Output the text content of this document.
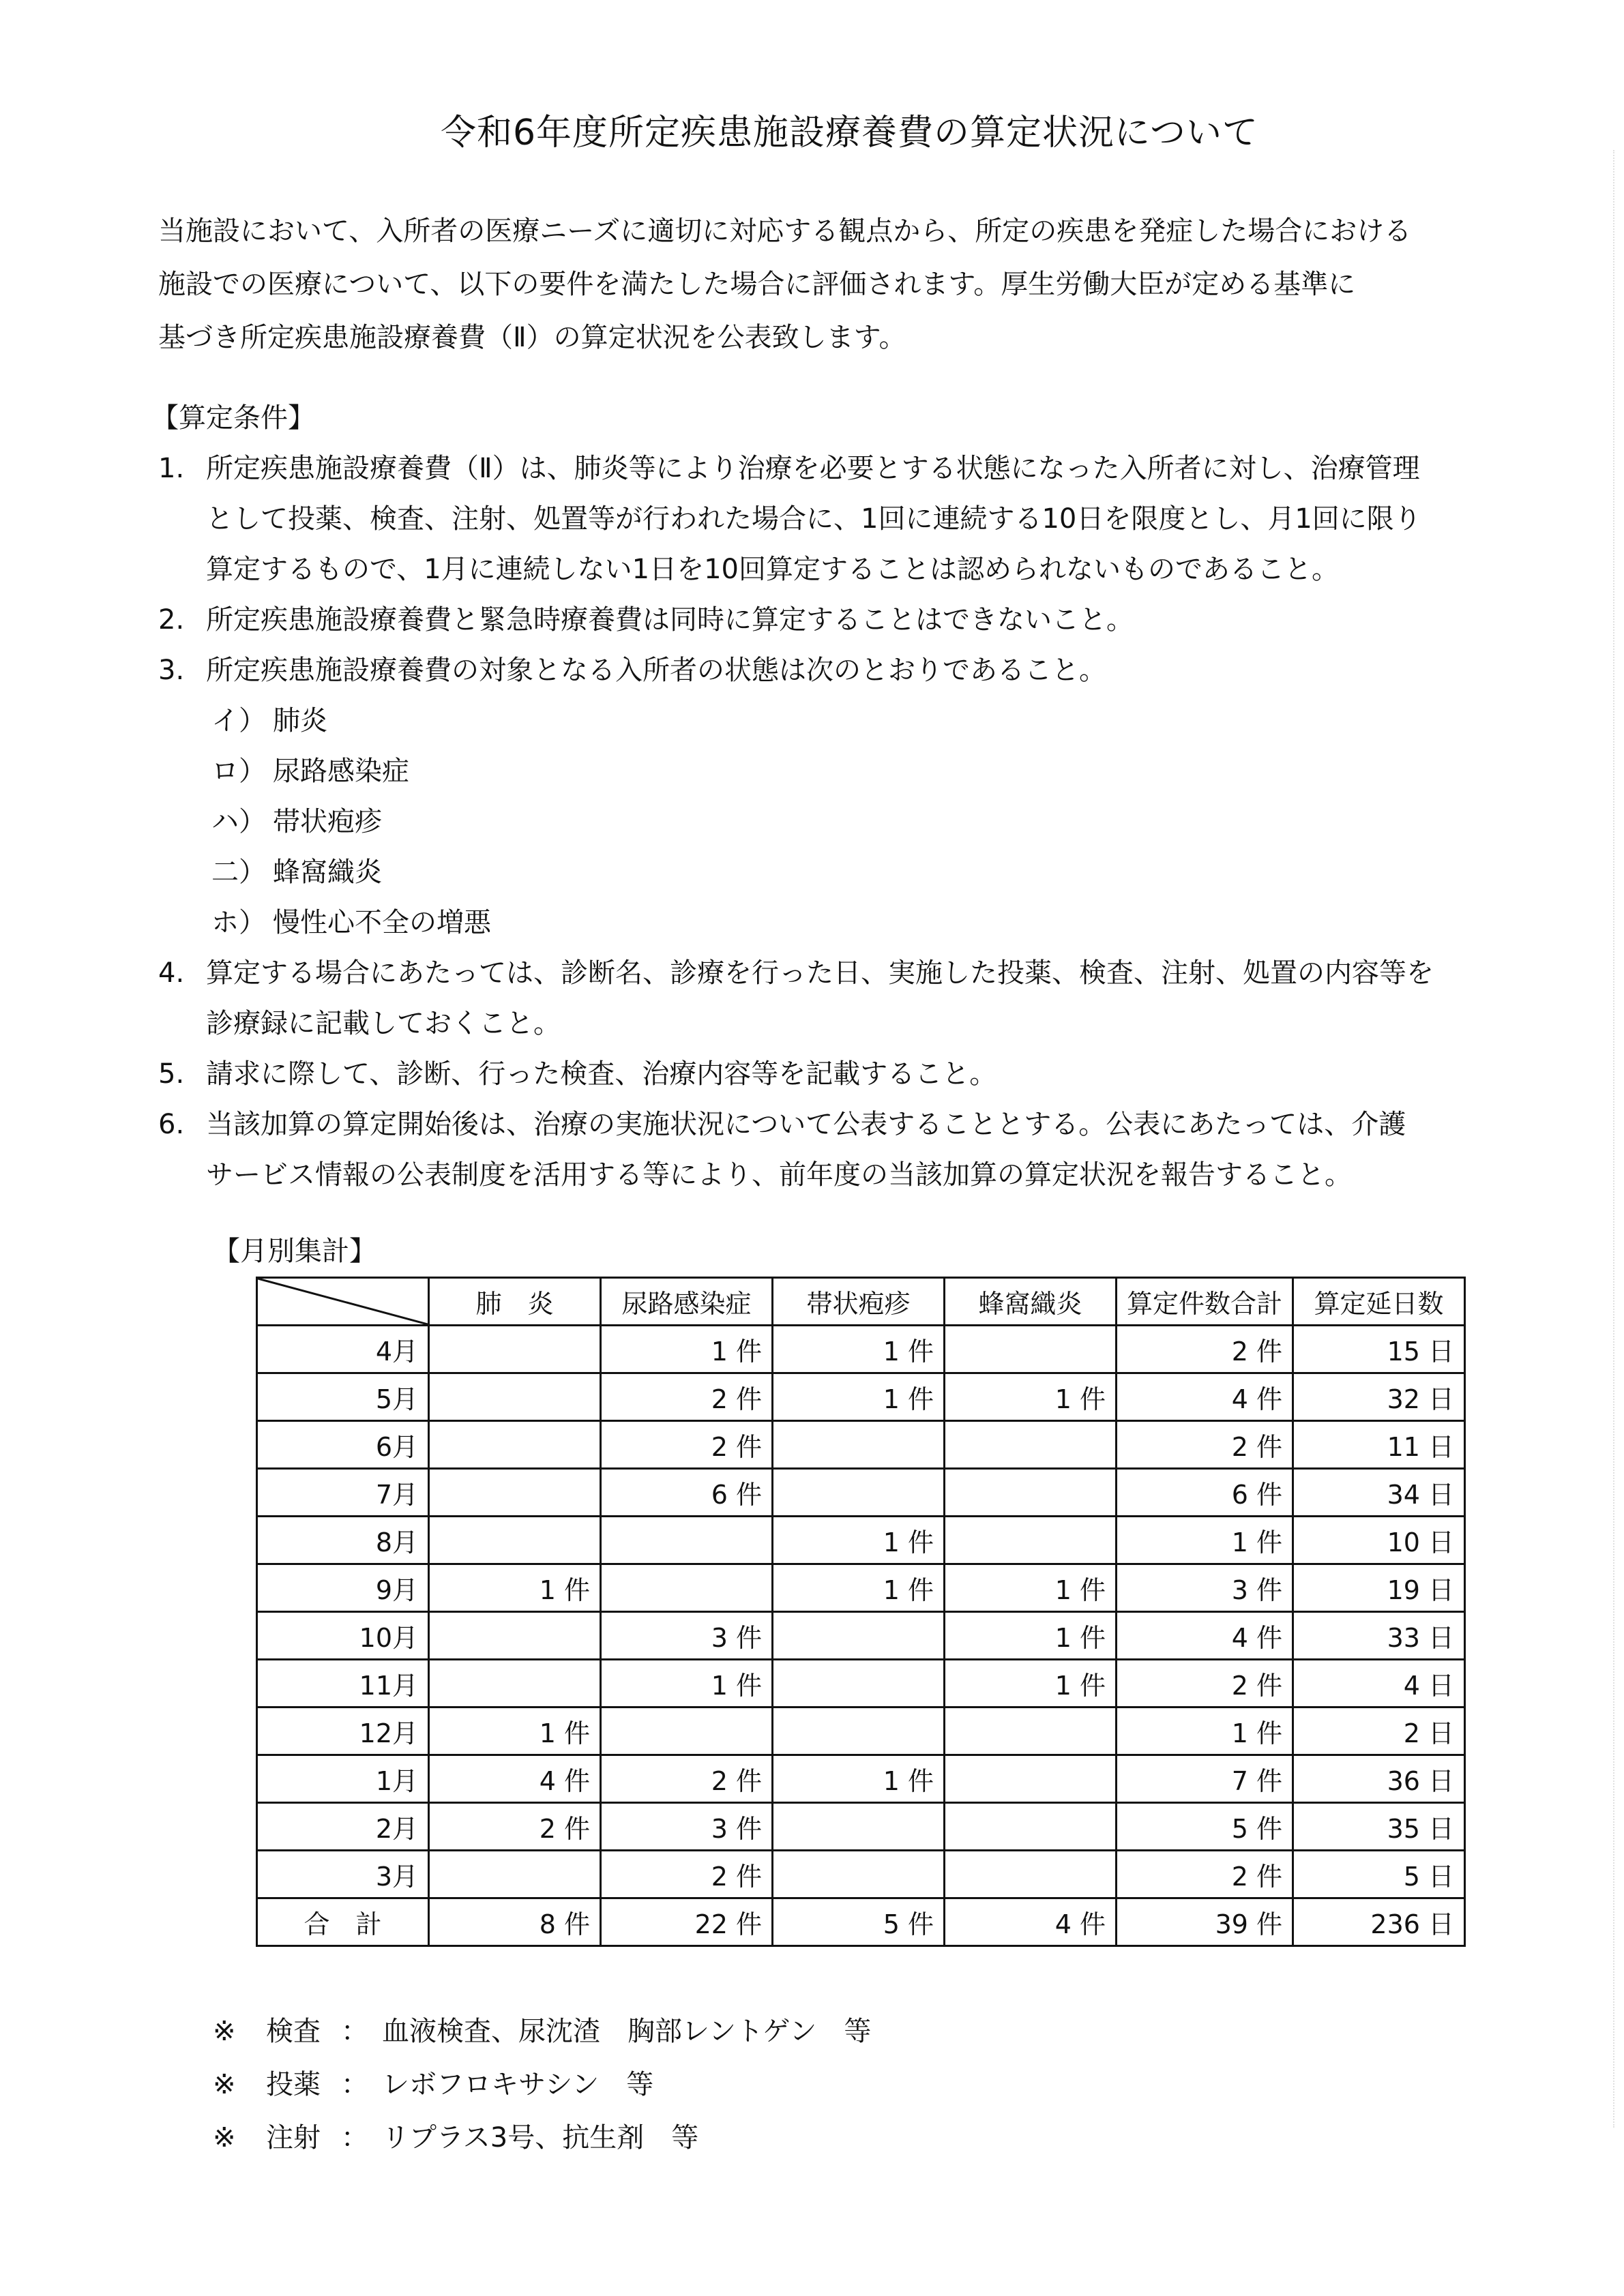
令和6年度所定疾患施設療養費の算定状況について
当施設において、入所者の医療ニーズに適切に対応する観点から、所定の疾患を発症した場合における
施設での医療について、以下の要件を満たした場合に評価されます。厚生労働大臣が定める基準に
基づき所定疾患施設療養費（Ⅱ）の算定状況を公表致します。
【算定条件】
1. 所定疾患施設療養費（Ⅱ）は、肺炎等により治療を必要とする状態になった入所者に対し、治療管理
として投薬、検査、注射、処置等が行われた場合に、1回に連続する10日を限度とし、月1回に限り
算定するもので、1月に連続しない1日を10回算定することは認められないものであること。
2. 所定疾患施設療養費と緊急時療養費は同時に算定することはできないこと。
3. 所定疾患施設療養費の対象となる入所者の状態は次のとおりであること。
イ） 肺炎
ロ） 尿路感染症
ハ） 帯状疱疹
二） 蜂窩織炎
ホ） 慢性心不全の増悪
4. 算定する場合にあたっては、診断名、診療を行った日、実施した投薬、検査、注射、処置の内容等を
診療録に記載しておくこと。
5. 請求に際して、診断、行った検査、治療内容等を記載すること。
6. 当該加算の算定開始後は、治療の実施状況について公表することとする。公表にあたっては、介護
サービス情報の公表制度を活用する等により、前年度の当該加算の算定状況を報告すること。
【月別集計】
	肺　炎	尿路感染症	帯状疱疹	蜂窩織炎	算定件数合計	算定延日数
4月		1 件	1 件		2 件	15 日
5月		2 件	1 件	1 件	4 件	32 日
6月		2 件			2 件	11 日
7月		6 件			6 件	34 日
8月			1 件		1 件	10 日
9月	1 件		1 件	1 件	3 件	19 日
10月		3 件		1 件	4 件	33 日
11月		1 件		1 件	2 件	4 日
12月	1 件				1 件	2 日
1月	4 件	2 件	1 件		7 件	36 日
2月	2 件	3 件			5 件	35 日
3月		2 件			2 件	5 日
合　計	8 件	22 件	5 件	4 件	39 件	236 日
※	検査 ： 血液検査、尿沈渣　胸部レントゲン　等
※	投薬 ： レボフロキサシン　等
※	注射 ： リプラス3号、抗生剤　等
